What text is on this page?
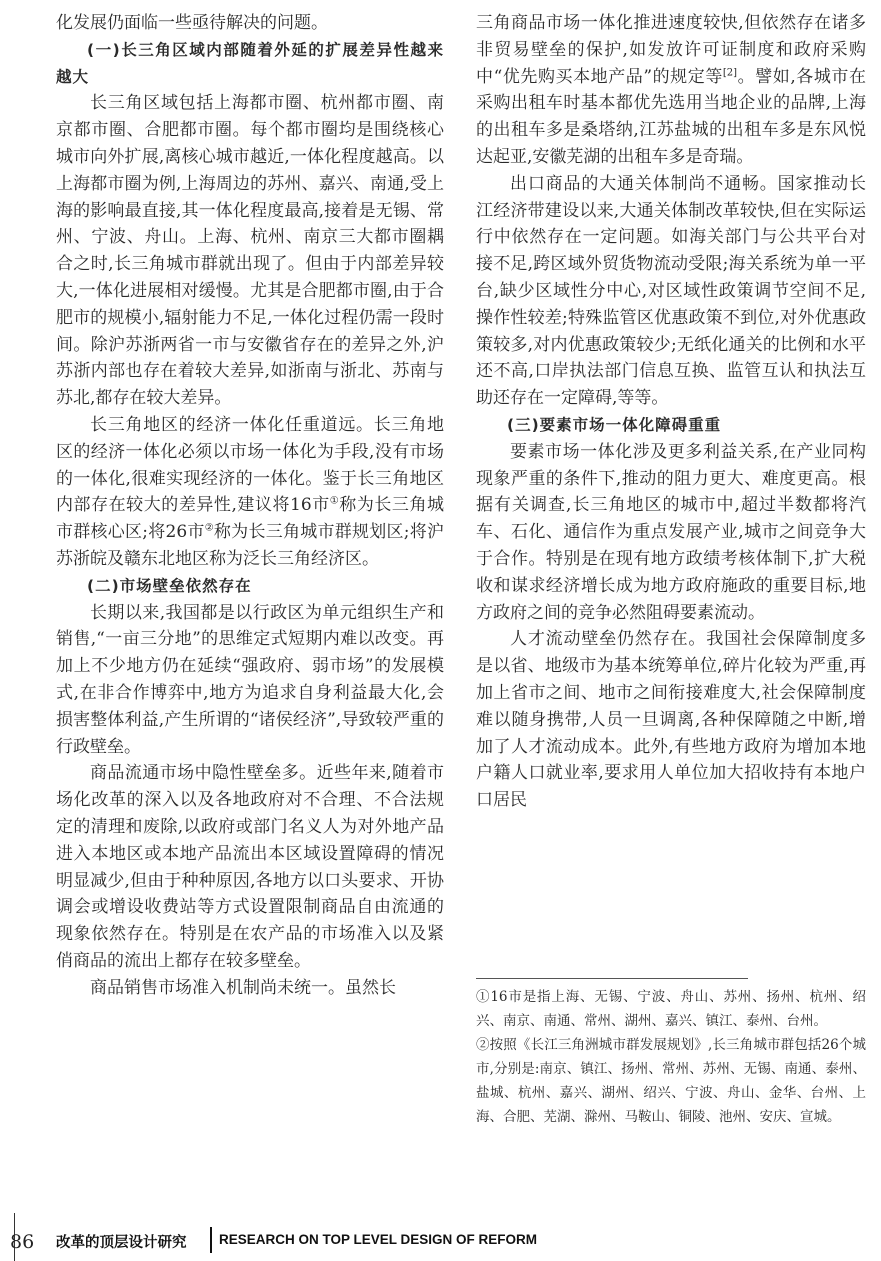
化发展仍面临一些亟待解决的问题。

(一)长三角区域内部随着外延的扩展差异性越来越大

长三角区域包括上海都市圈、杭州都市圈、南京都市圈、合肥都市圈。每个都市圈均是围绕核心城市向外扩展,离核心城市越近,一体化程度越高。以上海都市圈为例,上海周边的苏州、嘉兴、南通,受上海的影响最直接,其一体化程度最高,接着是无锡、常州、宁波、舟山。上海、杭州、南京三大都市圈耦合之时,长三角城市群就出现了。但由于内部差异较大,一体化进展相对缓慢。尤其是合肥都市圈,由于合肥市的规模小,辐射能力不足,一体化过程仍需一段时间。除沪苏浙两省一市与安徽省存在的差异之外,沪苏浙内部也存在着较大差异,如浙南与浙北、苏南与苏北,都存在较大差异。

长三角地区的经济一体化任重道远。长三角地区的经济一体化必须以市场一体化为手段,没有市场的一体化,很难实现经济的一体化。鉴于长三角地区内部存在较大的差异性,建议将16市①称为长三角城市群核心区;将26市②称为长三角城市群规划区;将沪苏浙皖及赣东北地区称为泛长三角经济区。

(二)市场壁垒依然存在

长期以来,我国都是以行政区为单元组织生产和销售,“一亩三分地”的思维定式短期内难以改变。再加上不少地方仍在延续“强政府、弱市场”的发展模式,在非合作博弈中,地方为追求自身利益最大化,会损害整体利益,产生所谓的“诸侯经济”,导致较严重的行政壁垒。

商品流通市场中隐性壁垒多。近些年来,随着市场化改革的深入以及各地政府对不合理、不合法规定的清理和废除,以政府或部门名义人为对外地产品进入本地区或本地产品流出本区域设置障碍的情况明显减少,但由于种种原因,各地方以口头要求、开协调会或增设收费站等方式设置限制商品自由流通的现象依然存在。特别是在农产品的市场准入以及紧俏商品的流出上都存在较多壁垒。

商品销售市场准入机制尚未统一。虽然长

三角商品市场一体化推进速度较快,但依然存在诸多非贸易壁垒的保护,如发放许可证制度和政府采购中“优先购买本地产品”的规定等[2]。譬如,各城市在采购出租车时基本都优先选用当地企业的品牌,上海的出租车多是桑塔纳,江苏盐城的出租车多是东风悦达起亚,安徽芜湖的出租车多是奇瑞。

出口商品的大通关体制尚不通畅。国家推动长江经济带建设以来,大通关体制改革较快,但在实际运行中依然存在一定问题。如海关部门与公共平台对接不足,跨区域外贸货物流动受限;海关系统为单一平台,缺少区域性分中心,对区域性政策调节空间不足,操作性较差;特殊监管区优惠政策不到位,对外优惠政策较多,对内优惠政策较少;无纸化通关的比例和水平还不高,口岸执法部门信息互换、监管互认和执法互助还存在一定障碍,等等。

(三)要素市场一体化障碍重重

要素市场一体化涉及更多利益关系,在产业同构现象严重的条件下,推动的阻力更大、难度更高。根据有关调查,长三角地区的城市中,超过半数都将汽车、石化、通信作为重点发展产业,城市之间竞争大于合作。特别是在现有地方政绩考核体制下,扩大税收和谋求经济增长成为地方政府施政的重要目标,地方政府之间的竞争必然阻碍要素流动。

人才流动壁垒仍然存在。我国社会保障制度多是以省、地级市为基本统筹单位,碎片化较为严重,再加上省市之间、地市之间衔接难度大,社会保障制度难以随身携带,人员一旦调离,各种保障随之中断,增加了人才流动成本。此外,有些地方政府为增加本地户籍人口就业率,要求用人单位加大招收持有本地户口居民

①16市是指上海、无锡、宁波、舟山、苏州、扬州、杭州、绍兴、南京、南通、常州、湖州、嘉兴、镇江、泰州、台州。

②按照《长江三角洲城市群发展规划》,长三角城市群包括26个城市,分别是:南京、镇江、扬州、常州、苏州、无锡、南通、泰州、盐城、杭州、嘉兴、湖州、绍兴、宁波、舟山、金华、台州、上海、合肥、芜湖、滁州、马鞍山、铜陵、池州、安庆、宣城。

86 改革的顶层设计研究 RESEARCH ON TOP LEVEL DESIGN OF REFORM
